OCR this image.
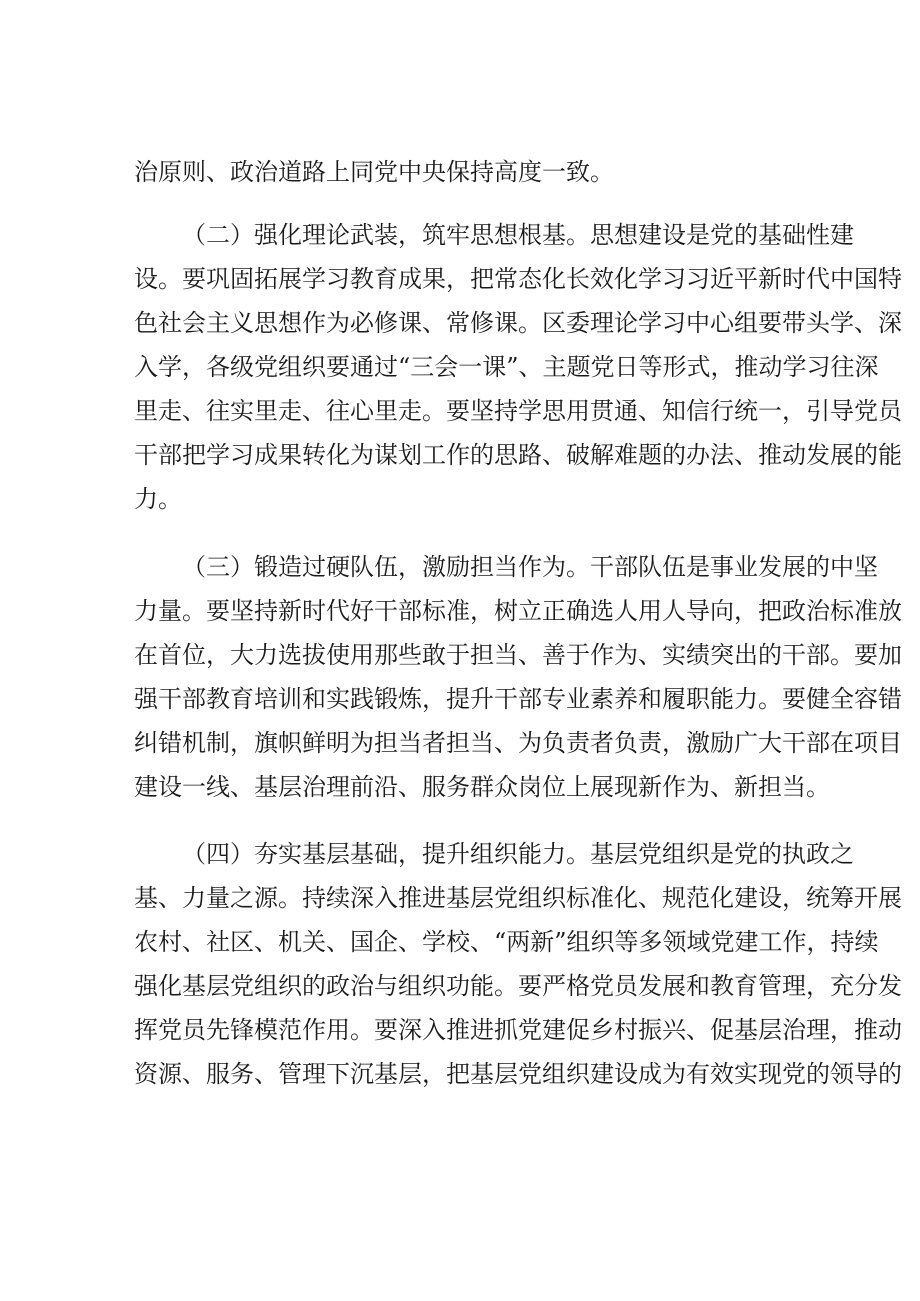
治原则、政治道路上同党中央保持高度一致。
（二）强化理论武装，筑牢思想根基。思想建设是党的基础性建
设。要巩固拓展学习教育成果，把常态化长效化学习习近平新时代中国特
色社会主义思想作为必修课、常修课。区委理论学习中心组要带头学、深
入学，各级党组织要通过“三会一课”、主题党日等形式，推动学习往深
里走、往实里走、往心里走。要坚持学思用贯通、知信行统一，引导党员
干部把学习成果转化为谋划工作的思路、破解难题的办法、推动发展的能
力。
（三）锻造过硬队伍，激励担当作为。干部队伍是事业发展的中坚
力量。要坚持新时代好干部标准，树立正确选人用人导向，把政治标准放
在首位，大力选拔使用那些敢于担当、善于作为、实绩突出的干部。要加
强干部教育培训和实践锻炼，提升干部专业素养和履职能力。要健全容错
纠错机制，旗帜鲜明为担当者担当、为负责者负责，激励广大干部在项目
建设一线、基层治理前沿、服务群众岗位上展现新作为、新担当。
（四）夯实基层基础，提升组织能力。基层党组织是党的执政之
基、力量之源。持续深入推进基层党组织标准化、规范化建设，统筹开展
农村、社区、机关、国企、学校、“两新”组织等多领域党建工作，持续
强化基层党组织的政治与组织功能。要严格党员发展和教育管理，充分发
挥党员先锋模范作用。要深入推进抓党建促乡村振兴、促基层治理，推动
资源、服务、管理下沉基层，把基层党组织建设成为有效实现党的领导的
